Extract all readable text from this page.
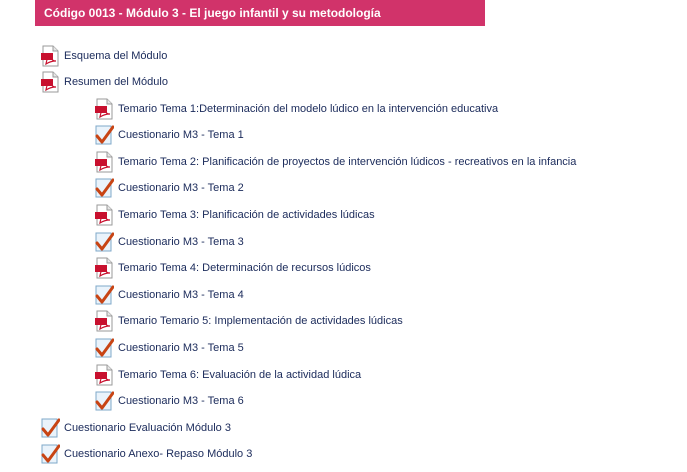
Código 0013 - Módulo 3 - El juego infantil y su metodología
Esquema del Módulo
Resumen del Módulo
Temario Tema 1:Determinación del modelo lúdico en la intervención educativa
Cuestionario M3 - Tema 1
Temario Tema 2: Planificación de proyectos de intervención lúdicos - recreativos en la infancia
Cuestionario M3 - Tema 2
Temario Tema 3: Planificación de actividades lúdicas
Cuestionario M3 - Tema 3
Temario Tema 4: Determinación de recursos lúdicos
Cuestionario M3 - Tema 4
Temario Temario 5: Implementación de actividades lúdicas
Cuestionario M3 - Tema 5
Temario Tema 6: Evaluación de la actividad lúdica
Cuestionario M3 - Tema 6
Cuestionario Evaluación Módulo 3
Cuestionario Anexo- Repaso Módulo 3
